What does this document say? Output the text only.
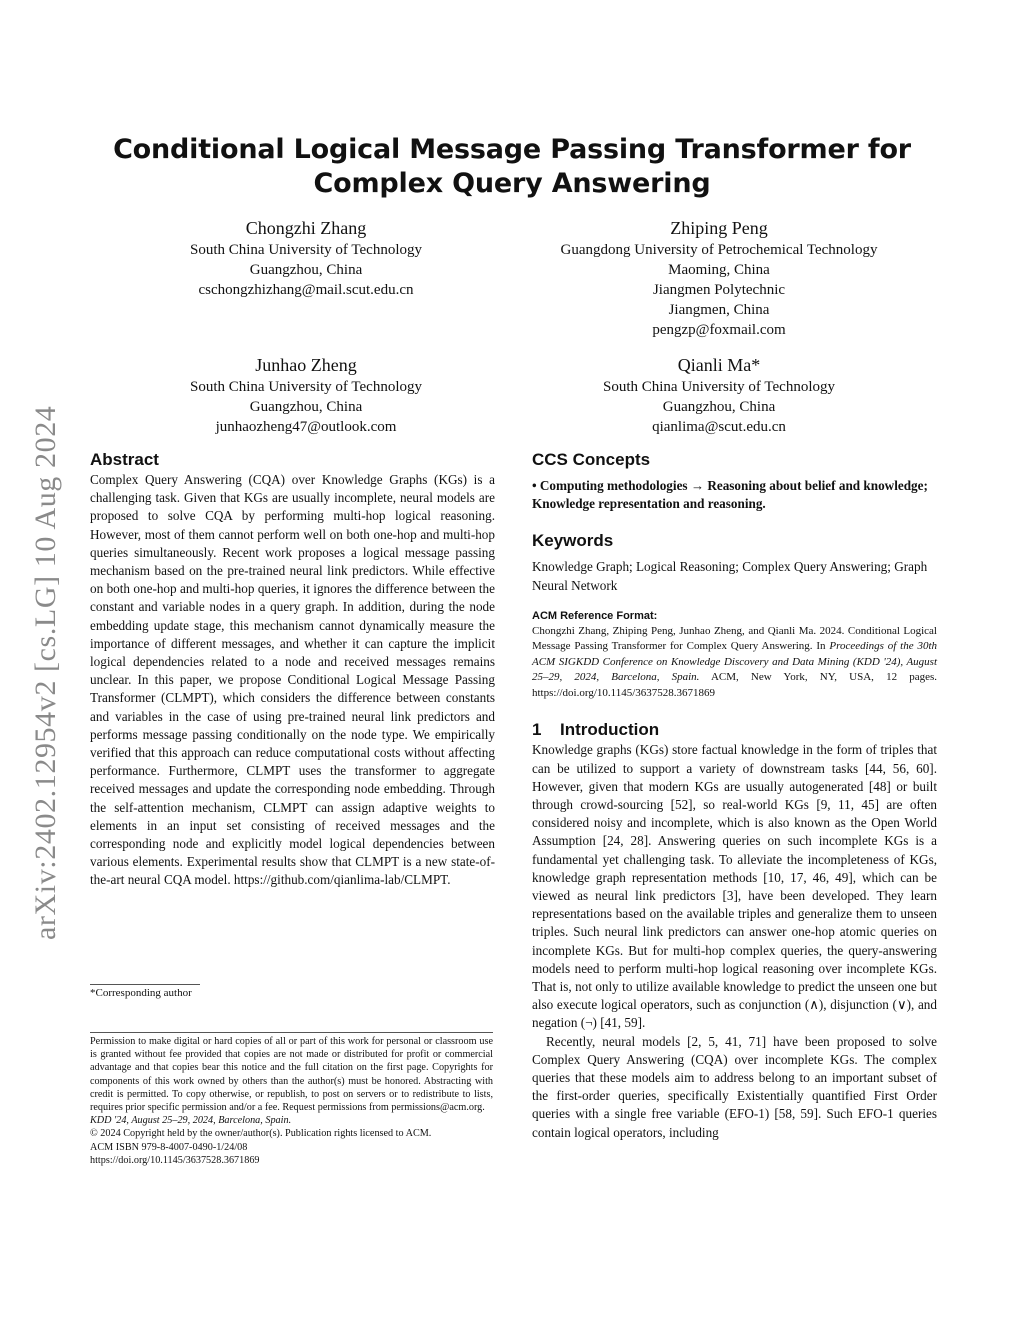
arXiv:2402.12954v2 [cs.LG] 10 Aug 2024
Conditional Logical Message Passing Transformer for Complex Query Answering
Chongzhi Zhang
South China University of Technology
Guangzhou, China
cschongzhizhang@mail.scut.edu.cn
Zhiping Peng
Guangdong University of Petrochemical Technology
Maoming, China
Jiangmen Polytechnic
Jiangmen, China
pengzp@foxmail.com
Junhao Zheng
South China University of Technology
Guangzhou, China
junhaozheng47@outlook.com
Qianli Ma*
South China University of Technology
Guangzhou, China
qianlima@scut.edu.cn
Abstract

Complex Query Answering (CQA) over Knowledge Graphs (KGs) is a challenging task. Given that KGs are usually incomplete, neural models are proposed to solve CQA by performing multi-hop logical reasoning. However, most of them cannot perform well on both one-hop and multi-hop queries simultaneously. Recent work proposes a logical message passing mechanism based on the pre-trained neural link predictors. While effective on both one-hop and multi-hop queries, it ignores the difference between the constant and variable nodes in a query graph. In addition, during the node embedding update stage, this mechanism cannot dynamically measure the importance of different messages, and whether it can capture the implicit logical dependencies related to a node and received messages remains unclear. In this paper, we propose Conditional Logical Message Passing Transformer (CLMPT), which considers the difference between constants and variables in the case of using pre-trained neural link predictors and performs message passing conditionally on the node type. We empirically verified that this approach can reduce computational costs without affecting performance. Furthermore, CLMPT uses the transformer to aggregate received messages and update the corresponding node embedding. Through the self-attention mechanism, CLMPT can assign adaptive weights to elements in an input set consisting of received messages and the corresponding node and explicitly model logical dependencies between various elements. Experimental results show that CLMPT is a new state-of-the-art neural CQA model. https://github.com/qianlima-lab/CLMPT.

*Corresponding author
Permission to make digital or hard copies of all or part of this work for personal or classroom use is granted without fee provided that copies are not made or distributed for profit or commercial advantage and that copies bear this notice and the full citation on the first page. Copyrights for components of this work owned by others than the author(s) must be honored. Abstracting with credit is permitted. To copy otherwise, or republish, to post on servers or to redistribute to lists, requires prior specific permission and/or a fee. Request permissions from permissions@acm.org.
KDD '24, August 25–29, 2024, Barcelona, Spain.
© 2024 Copyright held by the owner/author(s). Publication rights licensed to ACM.
ACM ISBN 979-8-4007-0490-1/24/08
https://doi.org/10.1145/3637528.3671869
CCS Concepts
• Computing methodologies → Reasoning about belief and knowledge; Knowledge representation and reasoning.
Keywords
Knowledge Graph; Logical Reasoning; Complex Query Answering; Graph Neural Network
ACM Reference Format:
Chongzhi Zhang, Zhiping Peng, Junhao Zheng, and Qianli Ma. 2024. Conditional Logical Message Passing Transformer for Complex Query Answering. In Proceedings of the 30th ACM SIGKDD Conference on Knowledge Discovery and Data Mining (KDD '24), August 25–29, 2024, Barcelona, Spain. ACM, New York, NY, USA, 12 pages. https://doi.org/10.1145/3637528.3671869
1 Introduction

Knowledge graphs (KGs) store factual knowledge in the form of triples that can be utilized to support a variety of downstream tasks [44, 56, 60]. However, given that modern KGs are usually autogenerated [48] or built through crowd-sourcing [52], so real-world KGs [9, 11, 45] are often considered noisy and incomplete, which is also known as the Open World Assumption [24, 28]. Answering queries on such incomplete KGs is a fundamental yet challenging task. To alleviate the incompleteness of KGs, knowledge graph representation methods [10, 17, 46, 49], which can be viewed as neural link predictors [3], have been developed. They learn representations based on the available triples and generalize them to unseen triples. Such neural link predictors can answer one-hop atomic queries on incomplete KGs. But for multi-hop complex queries, the query-answering models need to perform multi-hop logical reasoning over incomplete KGs. That is, not only to utilize available knowledge to predict the unseen one but also execute logical operators, such as conjunction (∧), disjunction (∨), and negation (¬) [41, 59].

Recently, neural models [2, 5, 41, 71] have been proposed to solve Complex Query Answering (CQA) over incomplete KGs. The complex queries that these models aim to address belong to an important subset of the first-order queries, specifically Existentially quantified First Order queries with a single free variable (EFO-1) [58, 59]. Such EFO-1 queries contain logical operators, including
